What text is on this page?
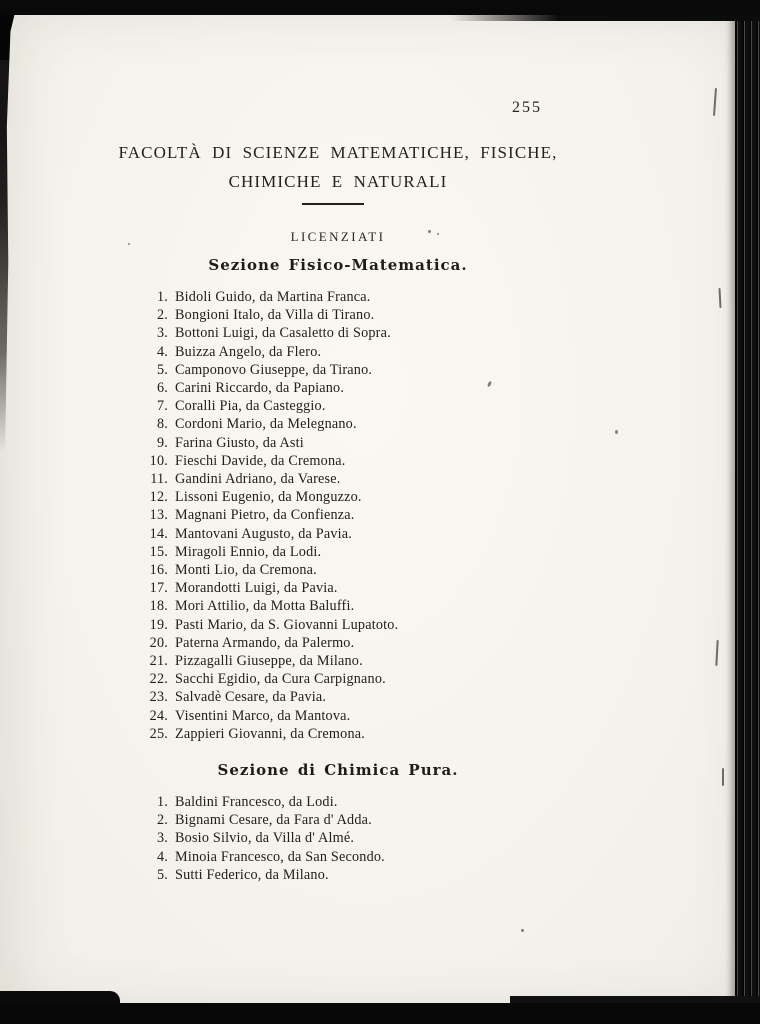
255
FACOLTÀ DI SCIENZE MATEMATICHE, FISICHE,
CHIMICHE E NATURALI
LICENZIATI
Sezione Fisico-Matematica.
1. Bidoli Guido, da Martina Franca.
2. Bongioni Italo, da Villa di Tirano.
3. Bottoni Luigi, da Casaletto di Sopra.
4. Buizza Angelo, da Flero.
5. Camponovo Giuseppe, da Tirano.
6. Carini Riccardo, da Papiano.
7. Coralli Pia, da Casteggio.
8. Cordoni Mario, da Melegnano.
9. Farina Giusto, da Asti
10. Fieschi Davide, da Cremona.
11. Gandini Adriano, da Varese.
12. Lissoni Eugenio, da Monguzzo.
13. Magnani Pietro, da Confienza.
14. Mantovani Augusto, da Pavia.
15. Miragoli Ennio, da Lodi.
16. Monti Lio, da Cremona.
17. Morandotti Luigi, da Pavia.
18. Mori Attilio, da Motta Baluffi.
19. Pasti Mario, da S. Giovanni Lupatoto.
20. Paterna Armando, da Palermo.
21. Pizzagalli Giuseppe, da Milano.
22. Sacchi Egidio, da Cura Carpignano.
23. Salvadè Cesare, da Pavia.
24. Visentini Marco, da Mantova.
25. Zappieri Giovanni, da Cremona.
Sezione di Chimica Pura.
1. Baldini Francesco, da Lodi.
2. Bignami Cesare, da Fara d' Adda.
3. Bosio Silvio, da Villa d' Almé.
4. Minoia Francesco, da San Secondo.
5. Sutti Federico, da Milano.
